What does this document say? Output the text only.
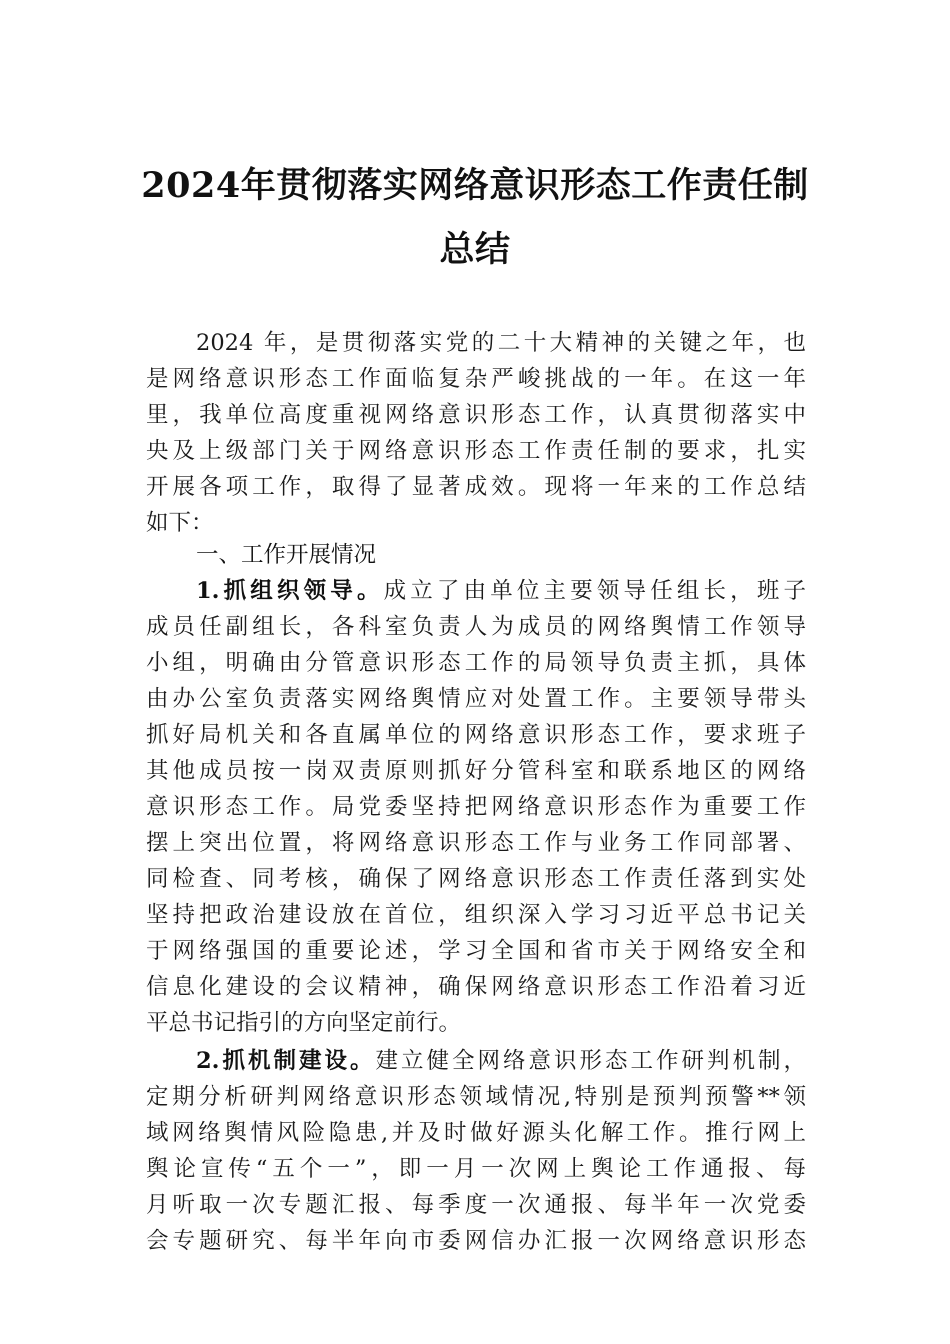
2024年贯彻落实网络意识形态工作责任制
总结
2024 年，是贯彻落实党的二十大精神的关键之年，也
是网络意识形态工作面临复杂严峻挑战的一年。在这一年
里，我单位高度重视网络意识形态工作，认真贯彻落实中
央及上级部门关于网络意识形态工作责任制的要求，扎实
开展各项工作，取得了显著成效。现将一年来的工作总结
如下：
一、工作开展情况
1.抓组织领导。成立了由单位主要领导任组长，班子
成员任副组长，各科室负责人为成员的网络舆情工作领导
小组，明确由分管意识形态工作的局领导负责主抓，具体
由办公室负责落实网络舆情应对处置工作。主要领导带头
抓好局机关和各直属单位的网络意识形态工作，要求班子
其他成员按一岗双责原则抓好分管科室和联系地区的网络
意识形态工作。局党委坚持把网络意识形态作为重要工作
摆上突出位置，将网络意识形态工作与业务工作同部署、
同检查、同考核，确保了网络意识形态工作责任落到实处
坚持把政治建设放在首位，组织深入学习习近平总书记关
于网络强国的重要论述，学习全国和省市关于网络安全和
信息化建设的会议精神，确保网络意识形态工作沿着习近
平总书记指引的方向坚定前行。
2.抓机制建设。建立健全网络意识形态工作研判机制，
定期分析研判网络意识形态领域情况,特别是预判预警**领
域网络舆情风险隐患,并及时做好源头化解工作。推行网上
舆论宣传“五个一”，即一月一次网上舆论工作通报、每
月听取一次专题汇报、每季度一次通报、每半年一次党委
会专题研究、每半年向市委网信办汇报一次网络意识形态
